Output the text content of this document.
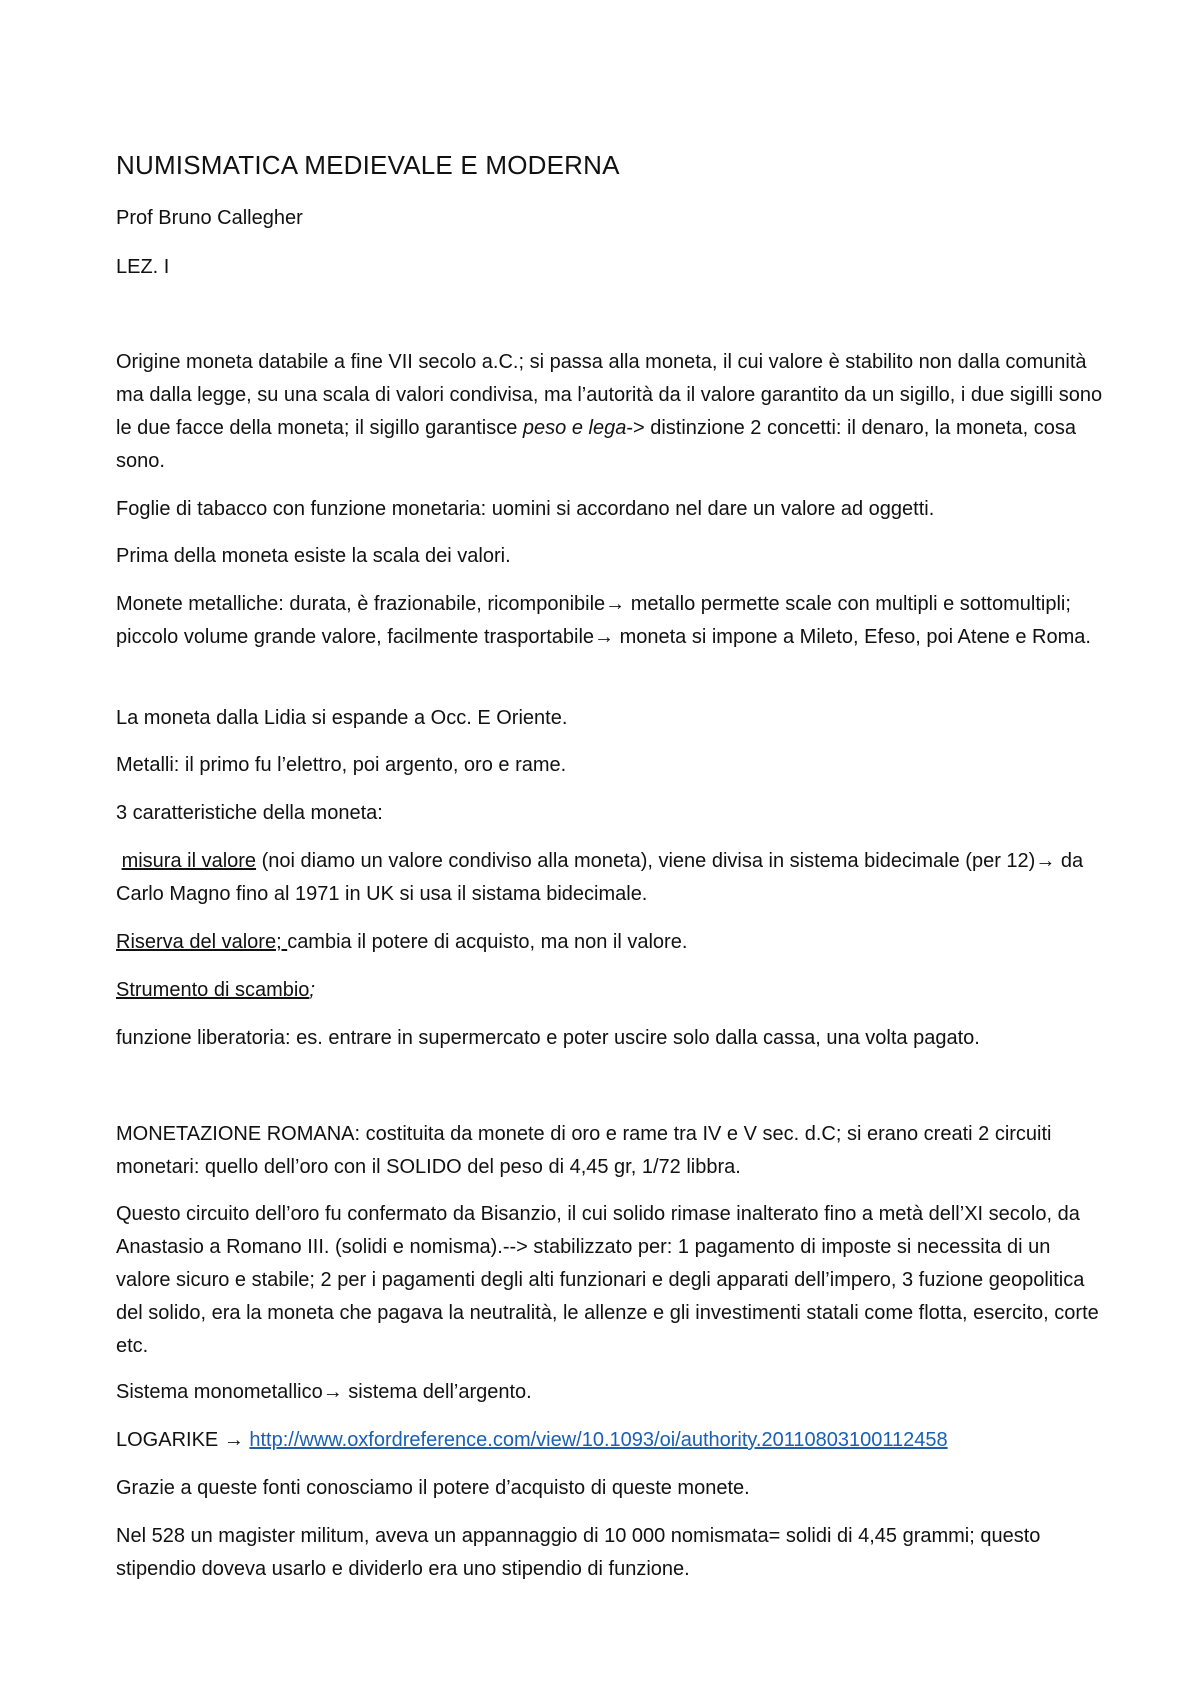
NUMISMATICA MEDIEVALE E MODERNA
Prof Bruno Callegher
LEZ. I
Origine moneta databile a fine VII secolo a.C.; si passa alla moneta, il cui valore è stabilito non dalla comunità ma dalla legge, su una scala di valori condivisa, ma l’autorità da il valore garantito da un sigillo, i due sigilli sono le due facce della moneta; il sigillo garantisce peso e lega-> distinzione 2 concetti: il denaro, la moneta, cosa sono.
Foglie di tabacco con funzione monetaria: uomini si accordano nel dare un valore ad oggetti.
Prima della moneta esiste la scala dei valori.
Monete metalliche: durata, è frazionabile, ricomponibile→ metallo permette scale con multipli e sottomultipli; piccolo volume grande valore, facilmente trasportabile→ moneta si impone a Mileto, Efeso, poi Atene e Roma.
La moneta dalla Lidia si espande a Occ. E Oriente.
Metalli: il primo fu l’elettro, poi argento, oro e rame.
3 caratteristiche della moneta:
misura il valore (noi diamo un valore condiviso alla moneta), viene divisa in sistema bidecimale (per 12)→ da Carlo Magno fino al 1971 in UK si usa il sistama bidecimale.
Riserva del valore; cambia il potere di acquisto, ma non il valore.
Strumento di scambio;
funzione liberatoria: es. entrare in supermercato e poter uscire solo dalla cassa, una volta pagato.
MONETAZIONE ROMANA: costituita da monete di oro e rame tra IV e V sec. d.C; si erano creati 2 circuiti monetari: quello dell’oro con il SOLIDO del peso di 4,45 gr, 1/72 libbra.
Questo circuito dell’oro fu confermato da Bisanzio, il cui solido rimase inalterato fino a metà dell’XI secolo, da Anastasio a Romano III. (solidi e nomisma).--> stabilizzato per: 1 pagamento di imposte si necessita di un valore sicuro e stabile; 2 per i pagamenti degli alti funzionari e degli apparati dell’impero, 3 fuzione geopolitica del solido, era la moneta che pagava la neutralità, le allenze e gli investimenti statali come flotta, esercito, corte etc.
Sistema monometallico→ sistema dell’argento.
LOGARIKE → http://www.oxfordreference.com/view/10.1093/oi/authority.20110803100112458
Grazie a queste fonti conosciamo il potere d’acquisto di queste monete.
Nel 528 un magister militum, aveva un appannaggio di 10 000 nomismata= solidi di 4,45 grammi; questo stipendio doveva usarlo e dividerlo era uno stipendio di funzione.
